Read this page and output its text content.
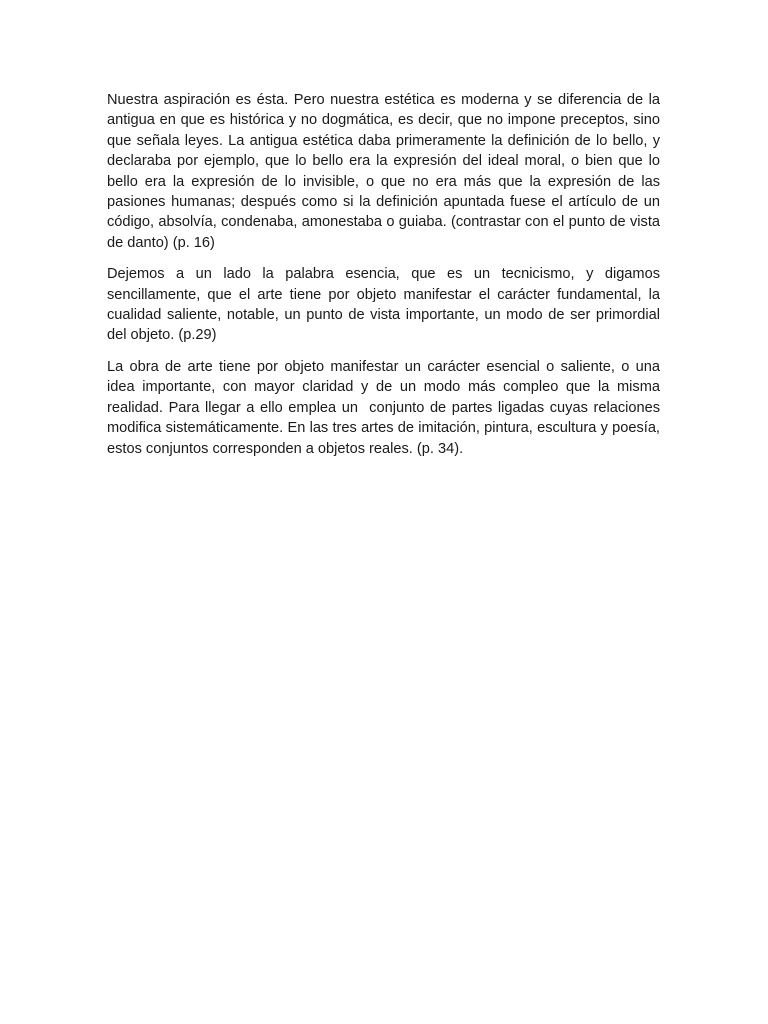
Nuestra aspiración es ésta. Pero nuestra estética es moderna y se diferencia de la antigua en que es histórica y no dogmática, es decir, que no impone preceptos, sino que señala leyes. La antigua estética daba primeramente la definición de lo bello, y declaraba por ejemplo, que lo bello era la expresión del ideal moral, o bien que lo bello era la expresión de lo invisible, o que no era más que la expresión de las pasiones humanas; después como si la definición apuntada fuese el artículo de un código, absolvía, condenaba, amonestaba o guiaba. (contrastar con el punto de vista de danto) (p. 16)

Dejemos a un lado la palabra esencia, que es un tecnicismo, y digamos sencillamente, que el arte tiene por objeto manifestar el carácter fundamental, la cualidad saliente, notable, un punto de vista importante, un modo de ser primordial del objeto. (p.29)

La obra de arte tiene por objeto manifestar un carácter esencial o saliente, o una idea importante, con mayor claridad y de un modo más compleo que la misma realidad. Para llegar a ello emplea un  conjunto de partes ligadas cuyas relaciones modifica sistemáticamente. En las tres artes de imitación, pintura, escultura y poesía, estos conjuntos corresponden a objetos reales. (p. 34).
